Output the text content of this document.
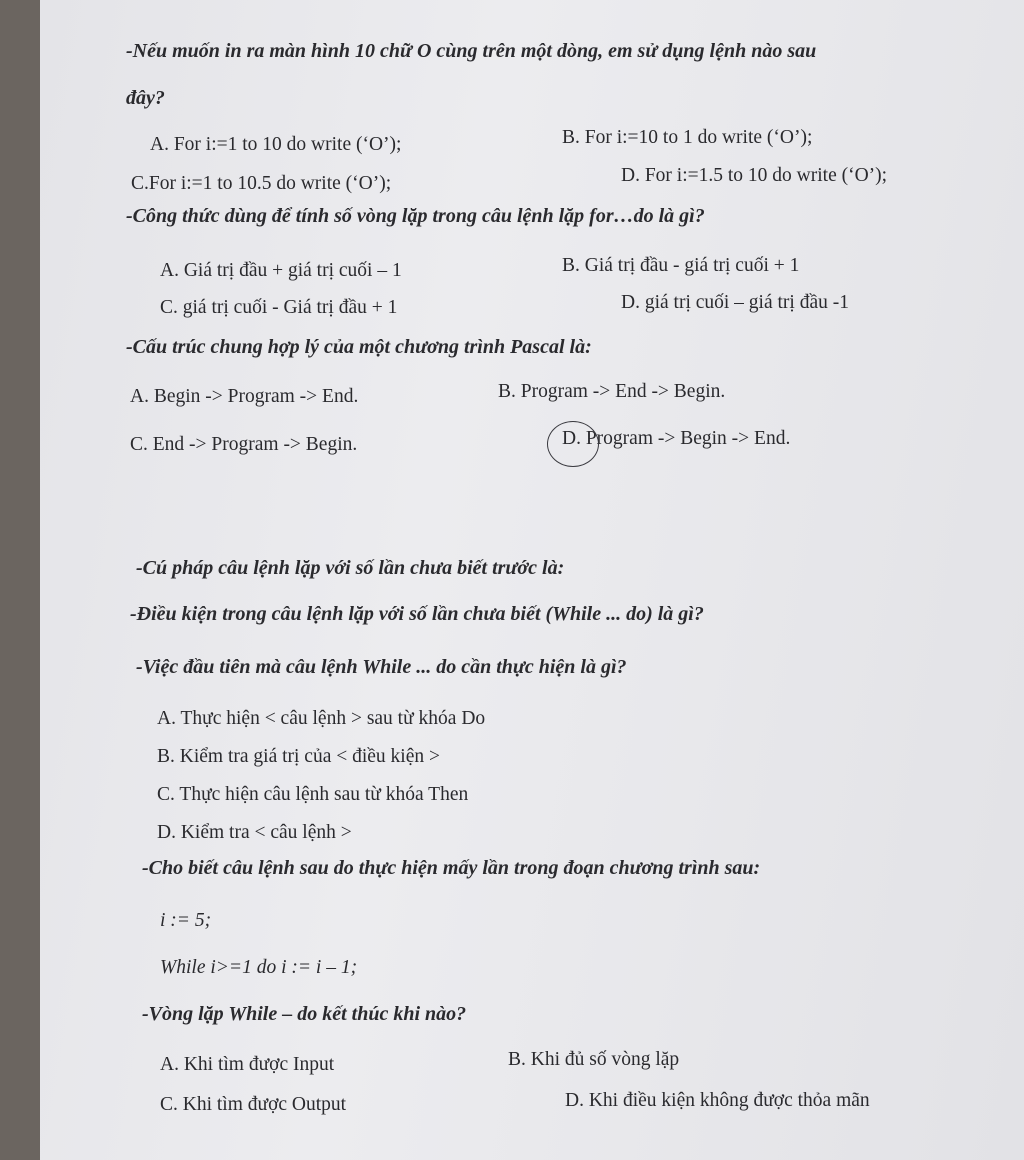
-Nếu muốn in ra màn hình 10 chữ O cùng trên một dòng, em sử dụng lệnh nào sau
đây?
A. For i:=1 to 10 do write (‘O’);	B. For i:=10 to 1 do write (‘O’);
C.For i:=1 to 10.5 do write (‘O’);	D. For i:=1.5 to 10 do write (‘O’);
-Công thức dùng để tính số vòng lặp trong câu lệnh lặp for…do là gì?
A. Giá trị đầu + giá trị cuối – 1	B. Giá trị đầu - giá trị cuối + 1
C. giá trị cuối - Giá trị đầu + 1	D. giá trị cuối – giá trị đầu -1
-Cấu trúc chung hợp lý của một chương trình Pascal là:
A. Begin -> Program -> End.	B. Program -> End -> Begin.
C. End -> Program -> Begin.	D. Program -> Begin -> End.
-Cú pháp câu lệnh lặp với số lần chưa biết trước là:
-Điều kiện trong câu lệnh lặp với số lần chưa biết (While ... do) là gì?
-Việc đầu tiên mà câu lệnh While ... do cần thực hiện là gì?
A. Thực hiện < câu lệnh > sau từ khóa Do
B. Kiểm tra giá trị của < điều kiện >
C. Thực hiện câu lệnh sau từ khóa Then
D. Kiểm tra < câu lệnh >
-Cho biết câu lệnh sau do thực hiện mấy lần trong đoạn chương trình sau:
i := 5;
While i>=1 do i := i – 1;
-Vòng lặp While – do kết thúc khi nào?
A. Khi tìm được Input	B. Khi đủ số vòng lặp
C. Khi tìm được Output	D. Khi điều kiện không được thỏa mãn
